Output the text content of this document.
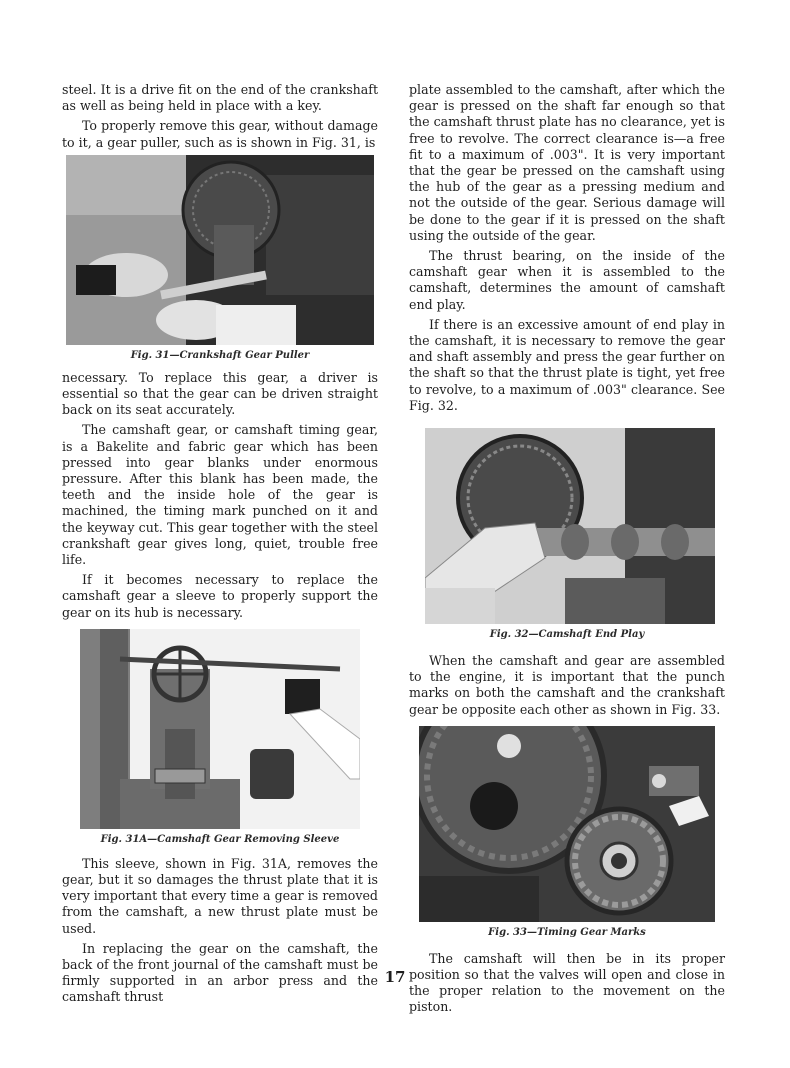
steel. It is a drive fit on the end of the crankshaft as well as being held in place with a key.

To properly remove this gear, without damage to it, a gear puller, such as is shown in Fig. 31, is

Fig. 31—Crankshaft Gear Puller

necessary. To replace this gear, a driver is essential so that the gear can be driven straight back on its seat accurately.

The camshaft gear, or camshaft timing gear, is a Bakelite and fabric gear which has been pressed into gear blanks under enormous pressure. After this blank has been made, the teeth and the inside hole of the gear is machined, the timing mark punched on it and the keyway cut. This gear together with the steel crankshaft gear gives long, quiet, trouble free life.

If it becomes necessary to replace the camshaft gear a sleeve to properly support the gear on its hub is necessary.

Fig. 31A—Camshaft Gear Removing Sleeve

This sleeve, shown in Fig. 31A, removes the gear, but it so damages the thrust plate that it is very important that every time a gear is removed from the camshaft, a new thrust plate must be used.

In replacing the gear on the camshaft, the back of the front journal of the camshaft must be firmly supported in an arbor press and the camshaft thrust

plate assembled to the camshaft, after which the gear is pressed on the shaft far enough so that the camshaft thrust plate has no clearance, yet is free to revolve. The correct clearance is—a free fit to a maximum of .003". It is very important that the gear be pressed on the camshaft using the hub of the gear as a pressing medium and not the outside of the gear. Serious damage will be done to the gear if it is pressed on the shaft using the outside of the gear.

The thrust bearing, on the inside of the camshaft gear when it is assembled to the camshaft, determines the amount of camshaft end play.

If there is an excessive amount of end play in the camshaft, it is necessary to remove the gear and shaft assembly and press the gear further on the shaft so that the thrust plate is tight, yet free to revolve, to a maximum of .003" clearance. See Fig. 32.

Fig. 32—Camshaft End Play

When the camshaft and gear are assembled to the engine, it is important that the punch marks on both the camshaft and the crankshaft gear be opposite each other as shown in Fig. 33.

Fig. 33—Timing Gear Marks

The camshaft will then be in its proper position so that the valves will open and close in the proper relation to the movement on the piston.

17
